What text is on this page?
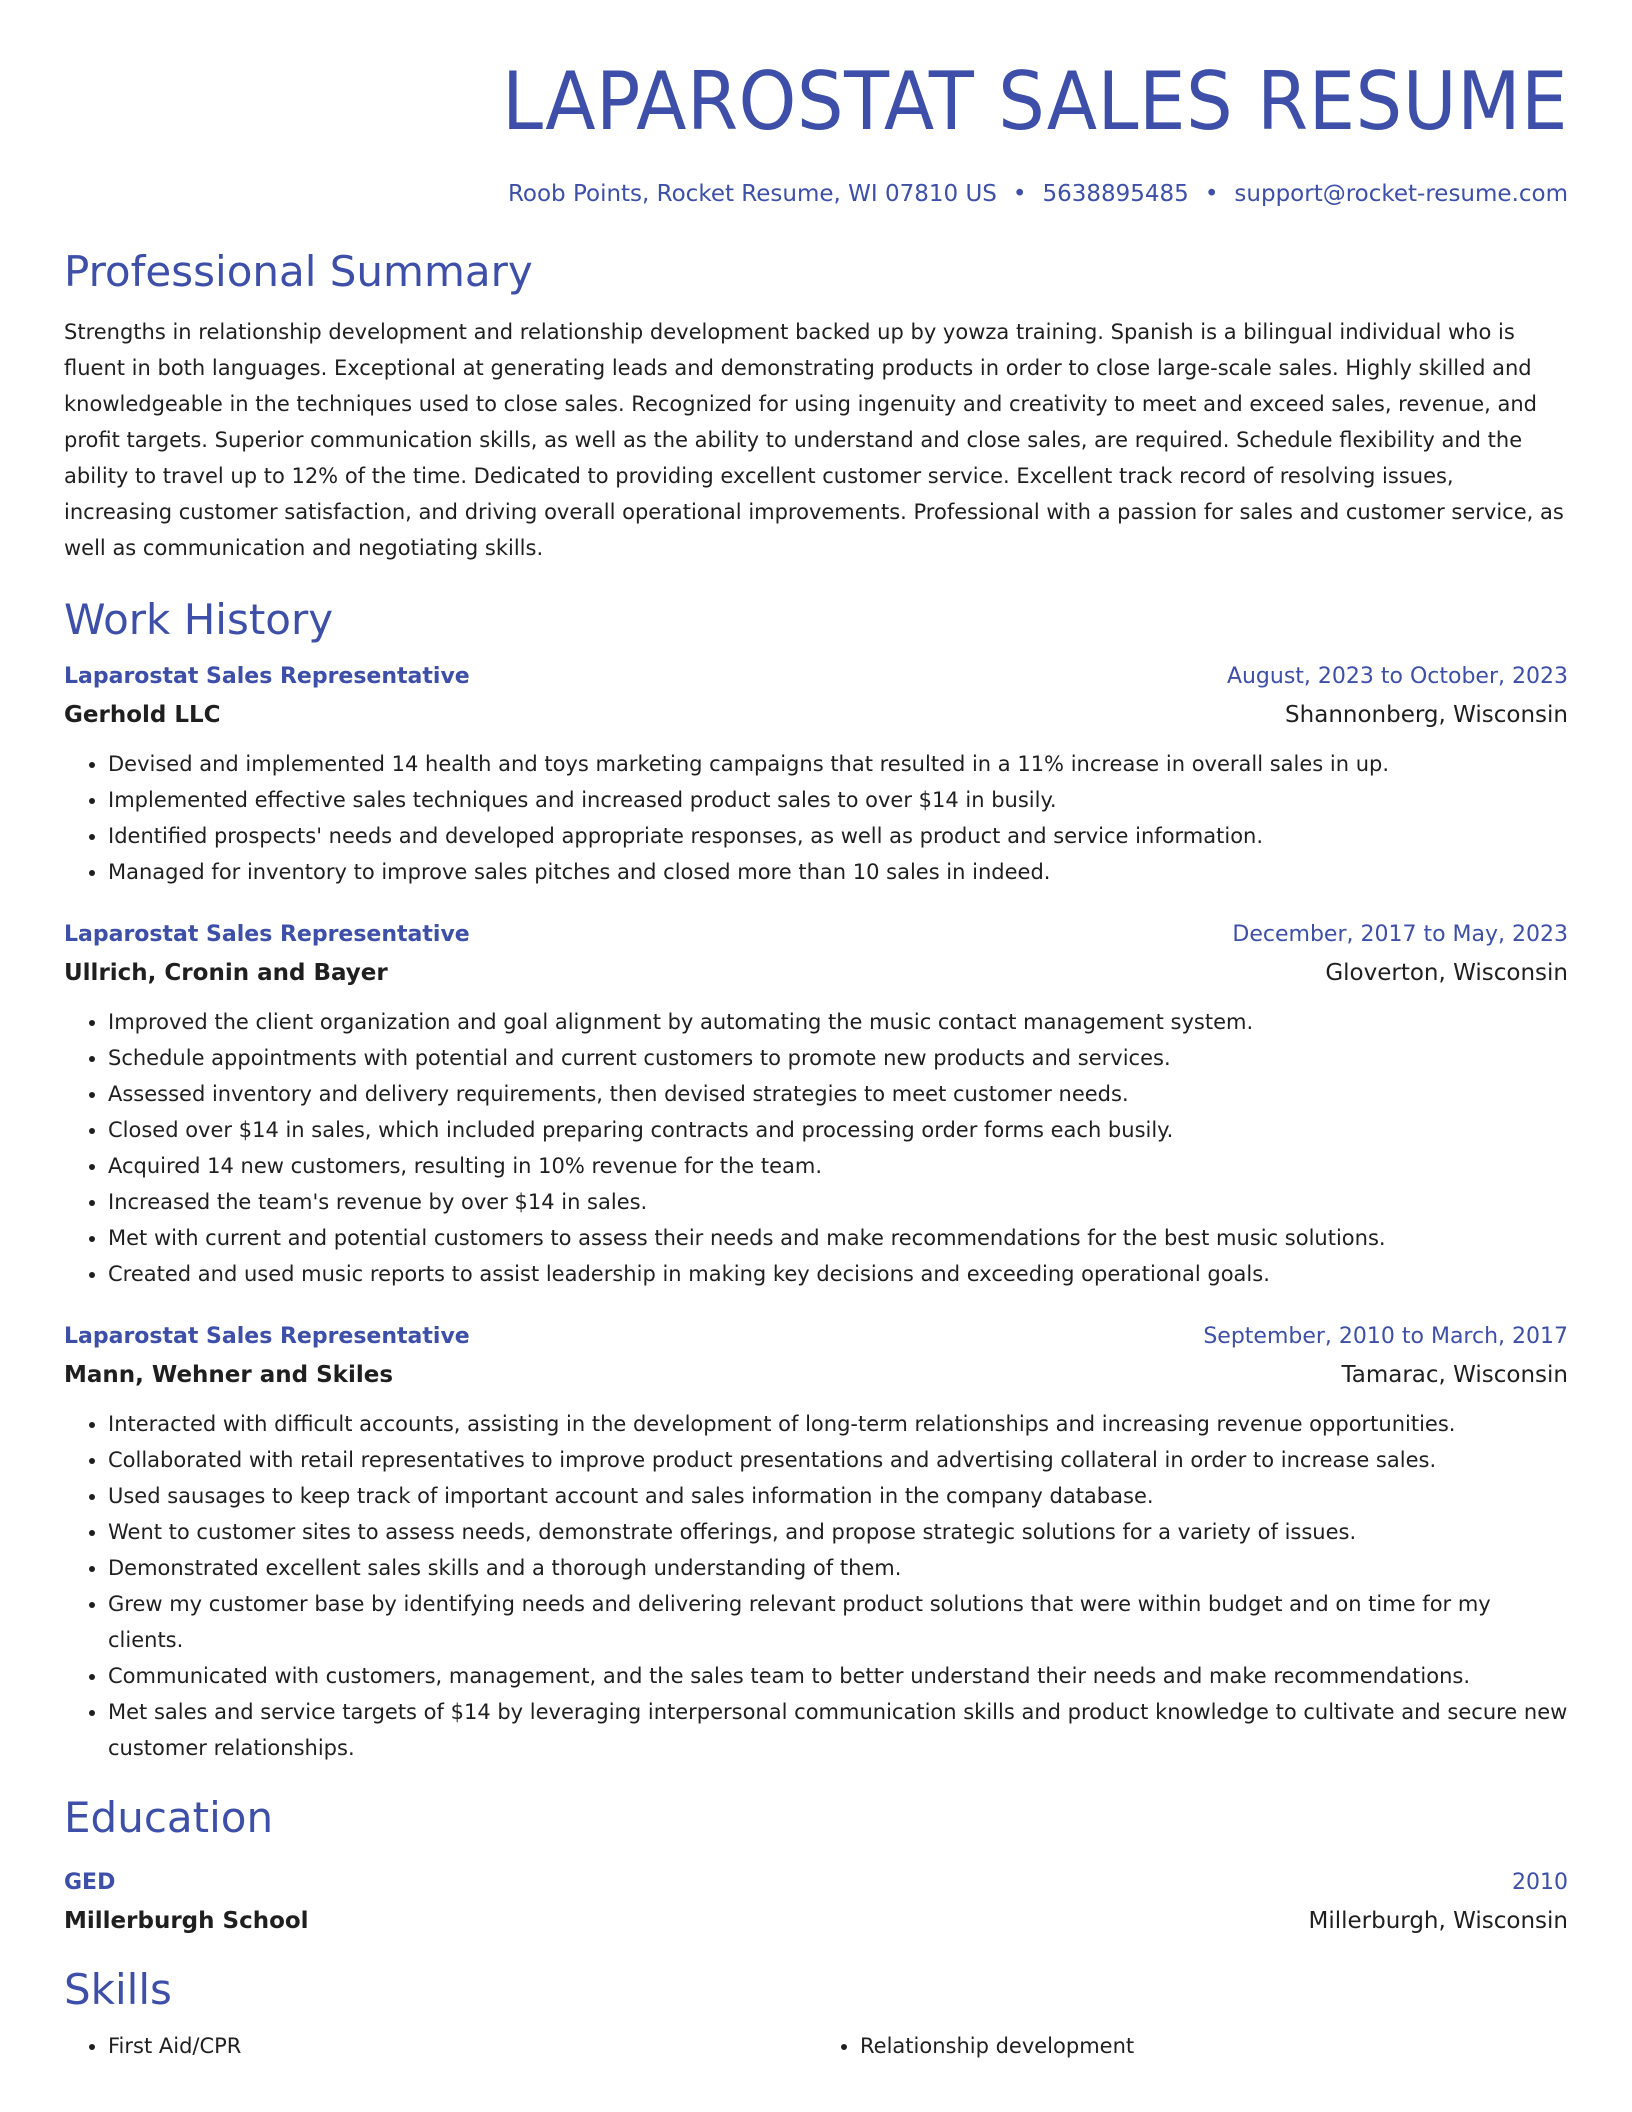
LAPAROSTAT SALES RESUME
Roob Points, Rocket Resume, WI 07810 US • 5638895485 • support@rocket-resume.com
Professional Summary
Strengths in relationship development and relationship development backed up by yowza training. Spanish is a bilingual individual who is fluent in both languages. Exceptional at generating leads and demonstrating products in order to close large-scale sales. Highly skilled and knowledgeable in the techniques used to close sales. Recognized for using ingenuity and creativity to meet and exceed sales, revenue, and profit targets. Superior communication skills, as well as the ability to understand and close sales, are required. Schedule flexibility and the ability to travel up to 12% of the time. Dedicated to providing excellent customer service. Excellent track record of resolving issues, increasing customer satisfaction, and driving overall operational improvements. Professional with a passion for sales and customer service, as well as communication and negotiating skills.
Work History
Laparostat Sales Representative	August, 2023 to October, 2023
Gerhold LLC	Shannonberg, Wisconsin
• Devised and implemented 14 health and toys marketing campaigns that resulted in a 11% increase in overall sales in up.
• Implemented effective sales techniques and increased product sales to over $14 in busily.
• Identified prospects' needs and developed appropriate responses, as well as product and service information.
• Managed for inventory to improve sales pitches and closed more than 10 sales in indeed.
Laparostat Sales Representative	December, 2017 to May, 2023
Ullrich, Cronin and Bayer	Gloverton, Wisconsin
• Improved the client organization and goal alignment by automating the music contact management system.
• Schedule appointments with potential and current customers to promote new products and services.
• Assessed inventory and delivery requirements, then devised strategies to meet customer needs.
• Closed over $14 in sales, which included preparing contracts and processing order forms each busily.
• Acquired 14 new customers, resulting in 10% revenue for the team.
• Increased the team's revenue by over $14 in sales.
• Met with current and potential customers to assess their needs and make recommendations for the best music solutions.
• Created and used music reports to assist leadership in making key decisions and exceeding operational goals.
Laparostat Sales Representative	September, 2010 to March, 2017
Mann, Wehner and Skiles	Tamarac, Wisconsin
• Interacted with difficult accounts, assisting in the development of long-term relationships and increasing revenue opportunities.
• Collaborated with retail representatives to improve product presentations and advertising collateral in order to increase sales.
• Used sausages to keep track of important account and sales information in the company database.
• Went to customer sites to assess needs, demonstrate offerings, and propose strategic solutions for a variety of issues.
• Demonstrated excellent sales skills and a thorough understanding of them.
• Grew my customer base by identifying needs and delivering relevant product solutions that were within budget and on time for my clients.
• Communicated with customers, management, and the sales team to better understand their needs and make recommendations.
• Met sales and service targets of $14 by leveraging interpersonal communication skills and product knowledge to cultivate and secure new customer relationships.
Education
GED	2010
Millerburgh School	Millerburgh, Wisconsin
Skills
• First Aid/CPR
•	Relationship development
